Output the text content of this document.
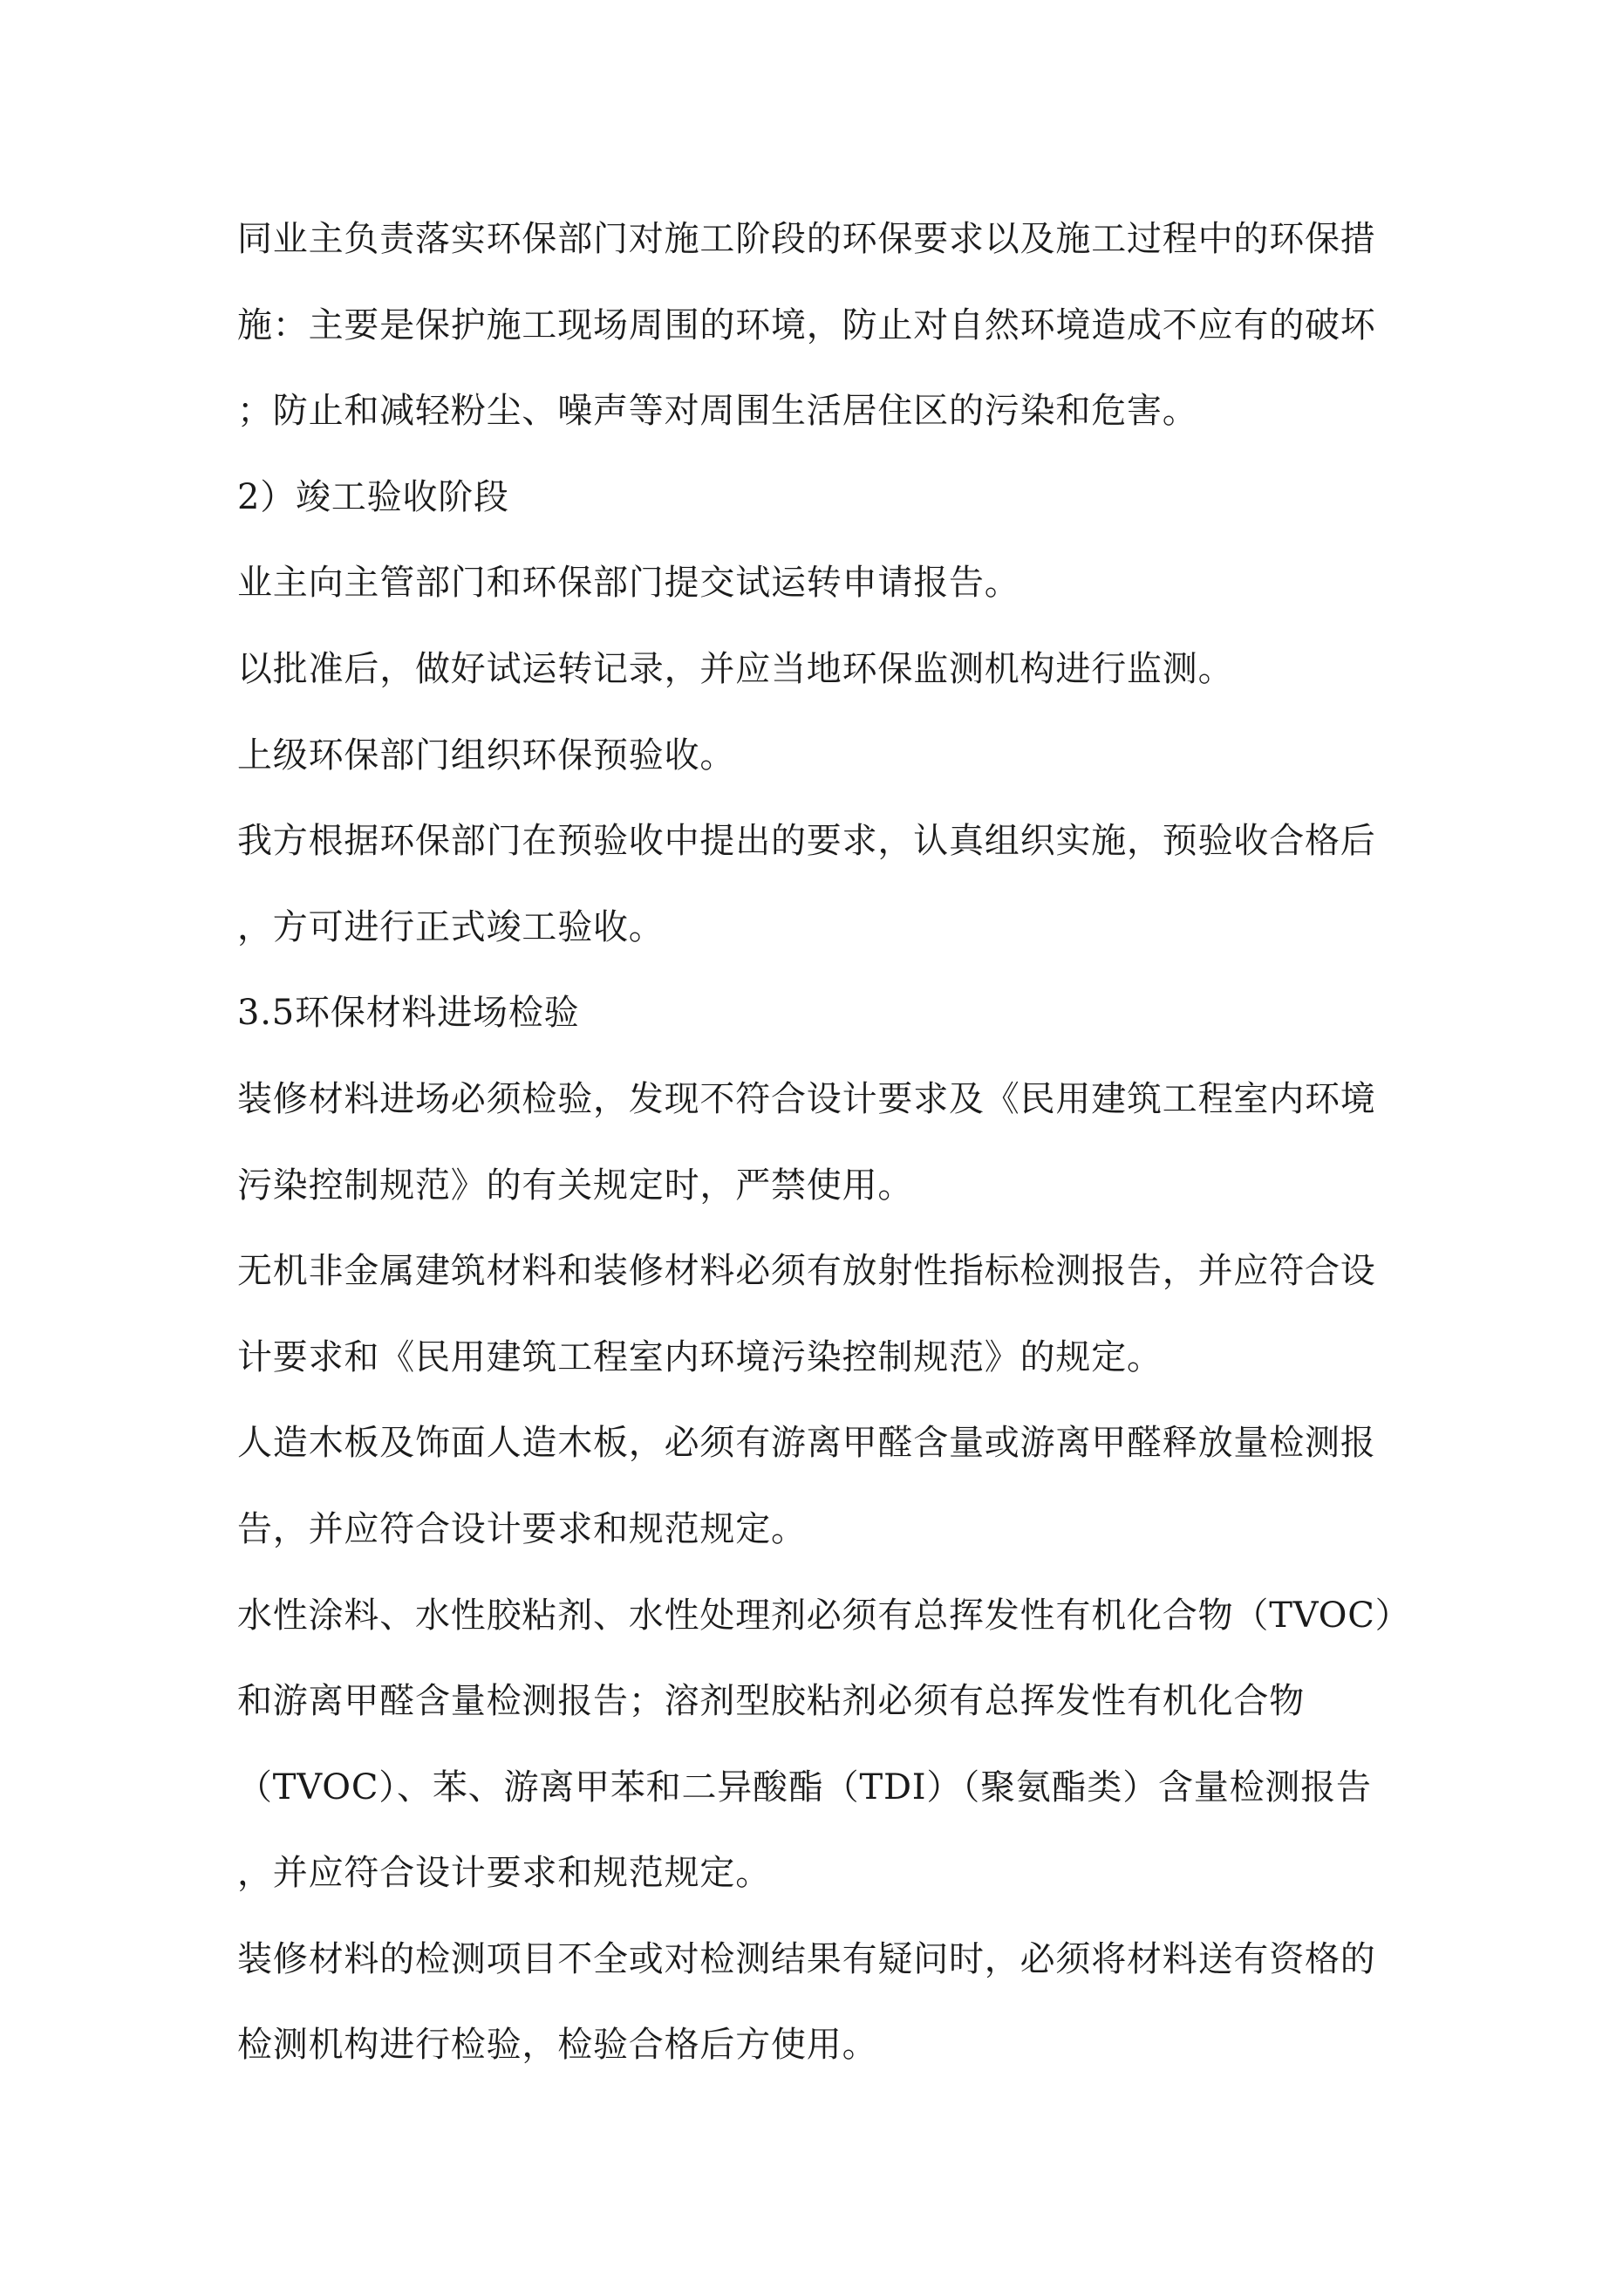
同业主负责落实环保部门对施工阶段的环保要求以及施工过程中的环保措
施：主要是保护施工现场周围的环境，防止对自然环境造成不应有的破坏
；防止和减轻粉尘、噪声等对周围生活居住区的污染和危害。
2）竣工验收阶段
业主向主管部门和环保部门提交试运转申请报告。
以批准后，做好试运转记录，并应当地环保监测机构进行监测。
上级环保部门组织环保预验收。
我方根据环保部门在预验收中提出的要求，认真组织实施，预验收合格后
，方可进行正式竣工验收。
3.5环保材料进场检验
装修材料进场必须检验，发现不符合设计要求及《民用建筑工程室内环境
污染控制规范》的有关规定时，严禁使用。
无机非金属建筑材料和装修材料必须有放射性指标检测报告，并应符合设
计要求和《民用建筑工程室内环境污染控制规范》的规定。
人造木板及饰面人造木板，必须有游离甲醛含量或游离甲醛释放量检测报
告，并应符合设计要求和规范规定。
水性涂料、水性胶粘剂、水性处理剂必须有总挥发性有机化合物（TVOC）
和游离甲醛含量检测报告；溶剂型胶粘剂必须有总挥发性有机化合物
（TVOC）、苯、游离甲苯和二异酸酯（TDI）（聚氨酯类）含量检测报告
，并应符合设计要求和规范规定。
装修材料的检测项目不全或对检测结果有疑问时，必须将材料送有资格的
检测机构进行检验，检验合格后方使用。
